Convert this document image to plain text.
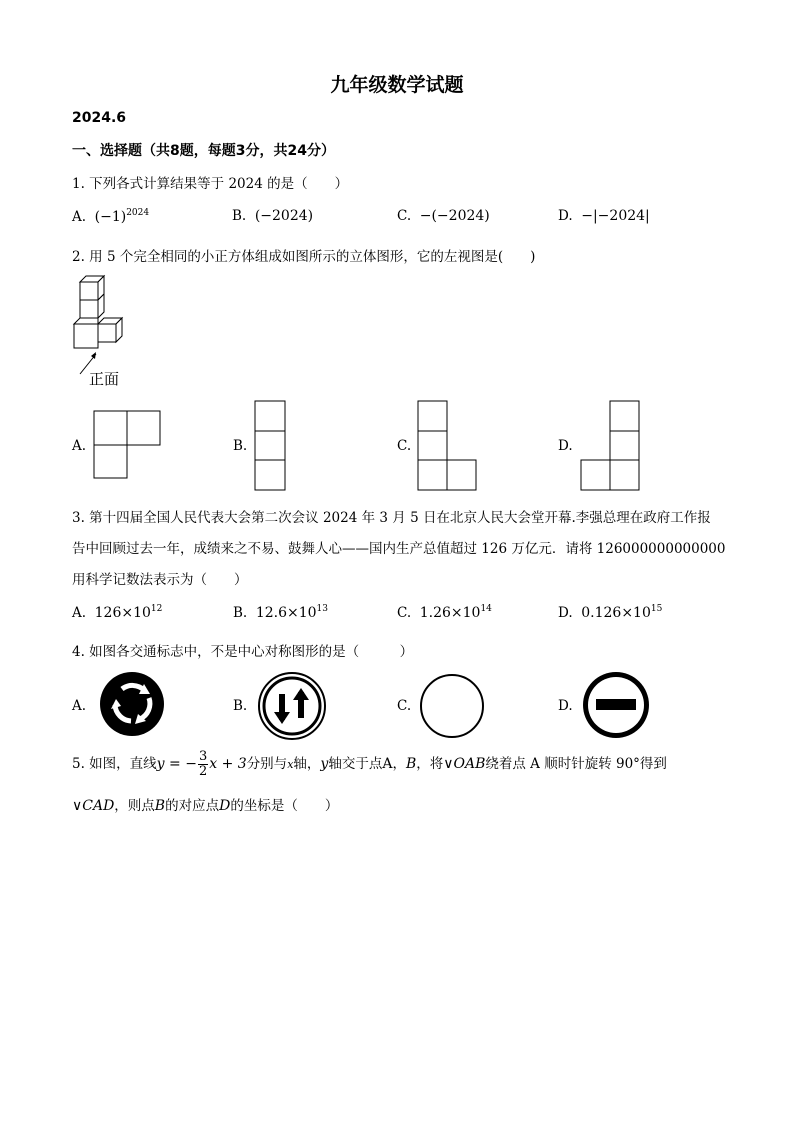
九年级数学试题
2024.6
一、选择题（共8题，每题3分，共24分）
1. 下列各式计算结果等于 2024 的是（　　）
A. $(-1)^{2024}$	B. (−2024)	C. −(−2024)	D. −|−2024|
2. 用 5 个完全相同的小正方体组成如图所示的立体图形，它的左视图是(　　)
正面
A.	B.	C.	D.
3. 第十四届全国人民代表大会第二次会议 2024 年 3 月 5 日在北京人民大会堂开幕.李强总理在政府工作报
告中回顾过去一年，成绩来之不易、鼓舞人心——国内生产总值超过 126 万亿元．请将 126000000000000
用科学记数法表示为（　　）
A. $126\times 10^{12}$	B. $12.6\times 10^{13}$	C. $1.26\times 10^{14}$	D. $0.126\times 10^{15}$
4. 如图各交通标志中，不是中心对称图形的是（　　　）
A.	B.	C.	D.
5. 如图，直线y = − $\frac{3}{2}$ x + 3分别与x轴，y轴交于点A，B，将∨OAB绕着点 A 顺时针旋转 90°得到
∨CAD，则点B的对应点D的坐标是（　　）
